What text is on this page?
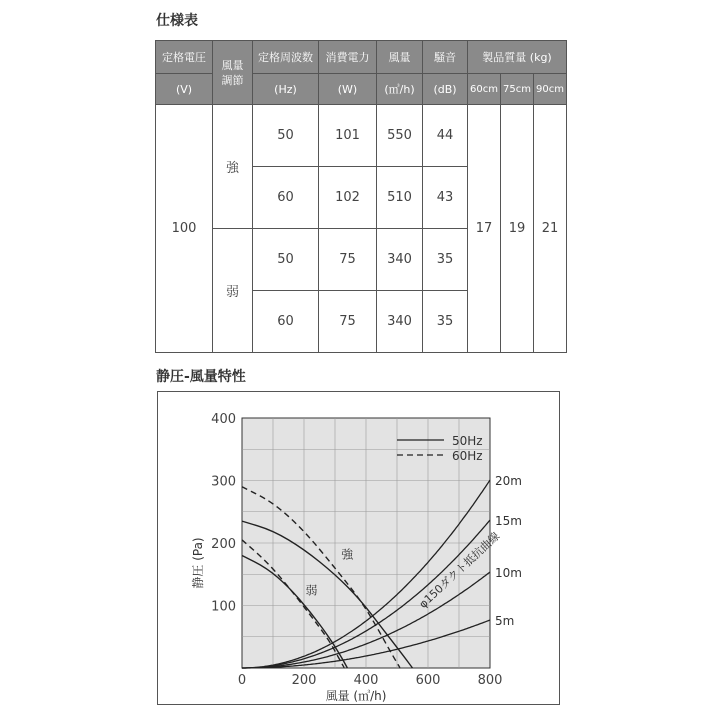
仕様表
定格電圧	風量調節	定格周波数	消費電力	風量	騒音	製品質量 (kg)		
(V)		(Hz)	(W)	(㎥/h)	(dB)	60cm	75cm	90cm
100	強	50	101	550	44	17	19	21
		60	102	510	43			
	弱	50	75	340	35			
		60	75	340	35			
静圧-風量特性
20m
15m
10m
5m
0	200	400	600	800
100
200
300
400
50Hz
60Hz
風量 (㎥/h)
静圧 (Pa)	強
弱	φ150ダクト抵抗曲線
